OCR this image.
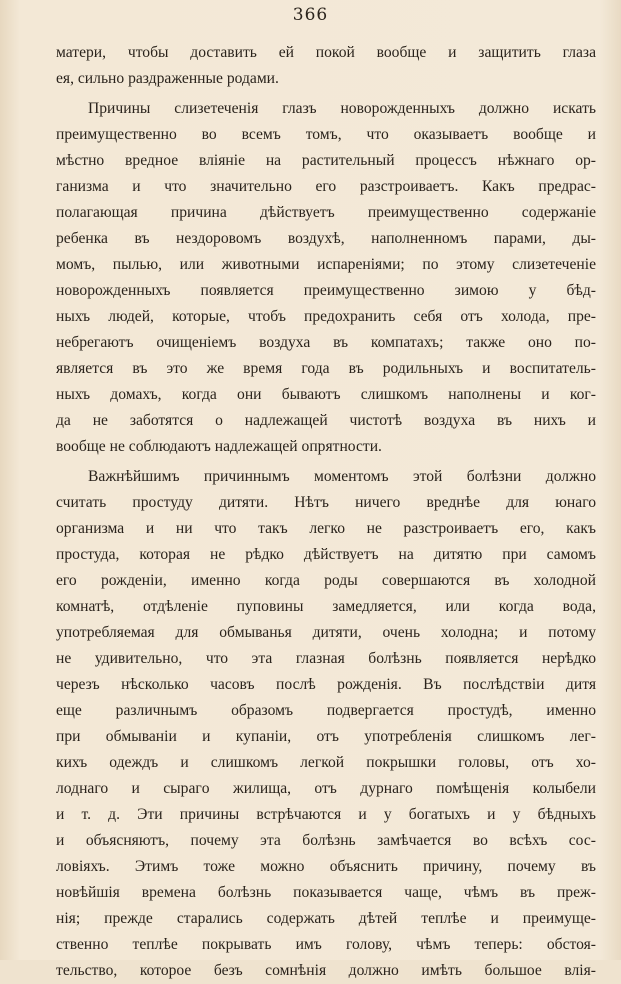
366
матери, чтобы доставить ей покой вообще и защитить глаза
ея, сильно раздраженные родами.
Причины слизетеченія глазъ новорожденныхъ должно искать
преимущественно во всемъ томъ, что оказываетъ вообще и
мѣстно вредное вліяніе на растительный процессъ нѣжнаго ор-
ганизма и что значительно его разстроиваетъ. Какъ предрас-
полагающая причина дѣйствуетъ преимущественно содержаніе
ребенка въ нездоровомъ воздухѣ, наполненномъ парами, ды-
момъ, пылью, или животными испареніями; по этому слизетеченіе
новорожденныхъ появляется преимущественно зимою у бѣд-
ныхъ людей, которые, чтобъ предохранить себя отъ холода, пре-
небрегаютъ очищеніемъ воздуха въ компатахъ; также оно по-
является въ это же время года въ родильныхъ и воспитатель-
ныхъ домахъ, когда они бываютъ слишкомъ наполнены и ког-
да не заботятся о надлежащей чистотѣ воздуха въ нихъ и
вообще не соблюдаютъ надлежащей опрятности.
Важнѣйшимъ причиннымъ моментомъ этой болѣзни должно
считать простуду дитяти. Нѣтъ ничего вреднѣе для юнаго
организма и ни что такъ легко не разстроиваетъ его, какъ
простуда, которая не рѣдко дѣйствуетъ на дитятю при самомъ
его рожденіи, именно когда роды совершаются въ холодной
комнатѣ, отдѣленіе пуповины замедляется, или когда вода,
употребляемая для обмыванья дитяти, очень холодна; и потому
не удивительно, что эта глазная болѣзнь появляется нерѣдко
черезъ нѣсколько часовъ послѣ рожденія. Въ послѣдствіи дитя
еще различнымъ образомъ подвергается простудѣ, именно
при обмываніи и купаніи, отъ употребленія слишкомъ лег-
кихъ одеждъ и слишкомъ легкой покрышки головы, отъ хо-
лоднаго и сырагo жилища, отъ дурнаго помѣщенія колыбели
и т. д. Эти причины встрѣчаются и у богатыхъ и у бѣдныхъ
и объясняютъ, почему эта болѣзнь замѣчается во всѣхъ сос-
ловіяхъ. Этимъ тоже можно объяснить причину, почему въ
новѣйшія времена болѣзнь показывается чаще, чѣмъ въ преж-
нія; прежде старались содержать дѣтей теплѣе и преимуще-
ственно теплѣе покрывать имъ голову, чѣмъ теперь: обстоя-
тельство, которое безъ сомнѣнія должно имѣть большое влія-
